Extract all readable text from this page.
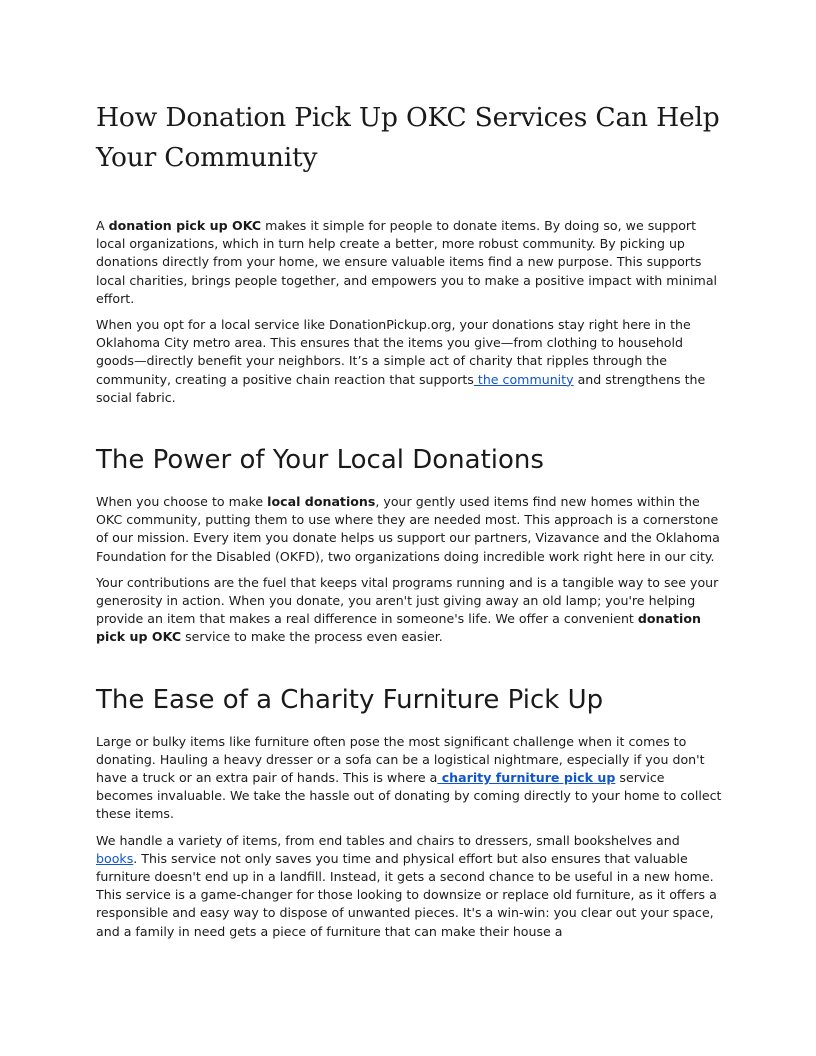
How Donation Pick Up OKC Services Can Help Your Community

A donation pick up OKC makes it simple for people to donate items. By doing so, we support local organizations, which in turn help create a better, more robust community. By picking up donations directly from your home, we ensure valuable items find a new purpose. This supports local charities, brings people together, and empowers you to make a positive impact with minimal effort.

When you opt for a local service like DonationPickup.org, your donations stay right here in the Oklahoma City metro area. This ensures that the items you give—from clothing to household goods—directly benefit your neighbors. It’s a simple act of charity that ripples through the community, creating a positive chain reaction that supports the community and strengthens the social fabric.

The Power of Your Local Donations

When you choose to make local donations, your gently used items find new homes within the OKC community, putting them to use where they are needed most. This approach is a cornerstone of our mission. Every item you donate helps us support our partners, Vizavance and the Oklahoma Foundation for the Disabled (OKFD), two organizations doing incredible work right here in our city.

Your contributions are the fuel that keeps vital programs running and is a tangible way to see your generosity in action. When you donate, you aren't just giving away an old lamp; you're helping provide an item that makes a real difference in someone's life. We offer a convenient donation pick up OKC service to make the process even easier.

The Ease of a Charity Furniture Pick Up

Large or bulky items like furniture often pose the most significant challenge when it comes to donating. Hauling a heavy dresser or a sofa can be a logistical nightmare, especially if you don't have a truck or an extra pair of hands. This is where a charity furniture pick up service becomes invaluable. We take the hassle out of donating by coming directly to your home to collect these items.

We handle a variety of items, from end tables and chairs to dressers, small bookshelves and books. This service not only saves you time and physical effort but also ensures that valuable furniture doesn't end up in a landfill. Instead, it gets a second chance to be useful in a new home. This service is a game-changer for those looking to downsize or replace old furniture, as it offers a responsible and easy way to dispose of unwanted pieces. It's a win-win: you clear out your space, and a family in need gets a piece of furniture that can make their house a
